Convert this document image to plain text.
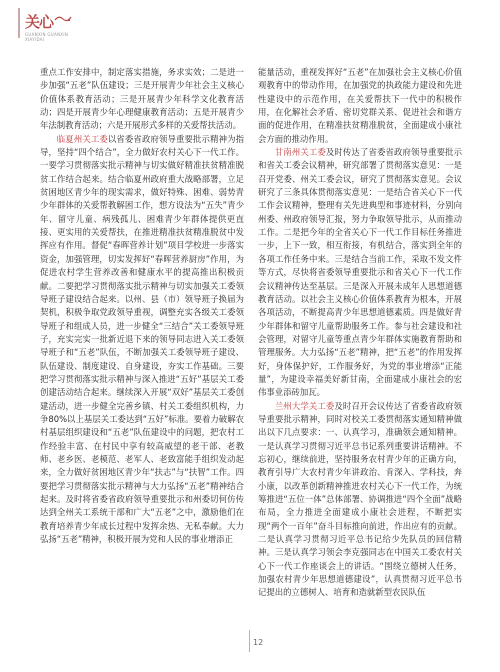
关心
GUANXIN GUANXIN
XIAYIDAI

重点工作安排中，制定落实措施，务求实效；二是进一步加强“五老”队伍建设；三是开展青少年社会主义核心价值体系教育活动；三是开展青少年科学文化教育活动；四是开展青少年心理健康教育活动；五是开展青少年法制教育活动；六是开展形式多样的关爱帮扶活动。

临夏州关工委以省委省政府领导重要批示精神为指导，坚持“四个结合”，全力做好农村关心下一代工作。一要学习贯彻落实批示精神与切实做好精准扶贫精准脱贫工作结合起来。结合临夏州政府重大战略部署，立足贫困地区青少年的现实需求，做好特殊、困难、弱势青少年群体的关爱帮教解困工作，想方设法为“五失”青少年、留守儿童、病残孤儿、困难青少年群体提供更直接、更实用的关爱帮扶，在推进精准扶贫精准脱贫中发挥应有作用。督促“春晖营养计划”项目学校进一步落实资金，加强管理，切实发挥好“春晖营养厨房”作用，为促进农村学生营养改善和健康水平的提高推出积极贡献。二要把学习贯彻落实批示精神与切实加强关工委领导班子建设结合起来。以州、县（市）领导班子换届为契机，积极争取党政领导重视，调整充实各级关工委领导班子和组成人员，进一步健全“三结合”关工委领导班子，充实完实一批新近退下来的领导同志进入关工委领导班子和“五老”队伍，不断加强关工委领导班子建设、队伍建设、制度建设、自身建设，夯实工作基础。三要把学习贯彻落实批示精神与深入推进“五好”基层关工委创建活动结合起来。继续深入开展“双好”基层关工委创建活动，进一步健全完善乡镇、村关工委组织机构，力争80%以上基层关工委达到“五好”标准。要着力破解农村基层组织建设和“五老”队伍建设中的问题，把农村工作经验丰富、在村民中享有较高威望的老干部、老教师、老乡医、老模范、老军人、老致富能手组织发动起来，全力做好贫困地区青少年“扶志”与“扶智”工作。四要把学习贯彻落实批示精神与大力弘扬“五老”精神结合起来。及时将省委省政府领导重要批示和州委切何仿传达到全州关工系统干部和广大“五老”之中，激励他们在教育培养青少年成长过程中发挥余热、无私奉献。大力弘扬“五老”精神，积极开展为党和人民的事业增添正

能量活动，重视发挥好“五老”在加强社会主义核心价值观教育中的带动作用，在加强党的执政能力建设和先进性建设中的示范作用，在关爱帮扶下一代中的积极作用，在化解社会矛盾、密切党群关系、促进社会和谐方面的促进作用，在精准扶贫精准脱贫，全面建成小康社会方面的推动作用。

甘南州关工委及时传达了省委省政府领导重要批示和省关工委会议精神，研究部署了贯彻落实意见：一是召开党委、州关工委会议，研究了贯彻落实意见。会议研究了三条具体贯彻落实意见：一是结合省关心下一代工作会议精神，整理有关先进典型和事迹材料，分别向州委、州政府领导汇报，努力争取领导批示，从而推动工作。二是把今年的全省关心下一代工作目标任务推进一步，上下一致，相互衔接，有机结合，落实到全年的各项工作任务中来。三是结合当前工作，采取不发文件等方式，尽快将省委领导重要批示和省关心下一代工作会议精神传达至基层。三是深入开展未成年人思想道德教育活动。以社会主义核心价值体系教育为根本，开展各项活动，不断提高青少年思想道德素质。四是做好青少年群体和留守儿童帮助服务工作。参与社会建设和社会管理，对留守儿童等重点青少年群体实施教育帮助和管理服务。大力弘扬“五老”精神，把“五老”的作用发挥好，身体保护好，工作服务好，为党的事业增添“正能量”，为建设幸福美好新甘南，全面建成小康社会的宏伟事业添砖加瓦。

兰州大学关工委及时召开会议传达了省委省政府领导重要批示精神，同时对校关工委贯彻落实通知精神做出以下几点要求：一、认真学习，准确领会通知精神。一是认真学习贯彻习近平总书记系列重要讲话精神。不忘初心，继续前进，坚持服务农村青少年的正确方向，教育引导广大农村青少年讲政治、肯深入、学科技，奔小康，以改革创新精神推进农村关心下一代工作，为统筹推进“五位一体”总体部署、协调推进“四个全面”战略布局，全力推进全面建成小康社会进程，不断把实现“两个一百年”奋斗目标推向前进，作出应有的贡献。二是认真学习贯彻习近平总书记给少先队员的回信精神。三是认真学习领会李克强同志在中国关工委农村关心下一代工作座谈会上的讲话。“围绕立德树人任务，加强农村青少年思想道德建设”，认真贯彻习近平总书记提出的立德树人、培育和造就新型农民队伍

12
